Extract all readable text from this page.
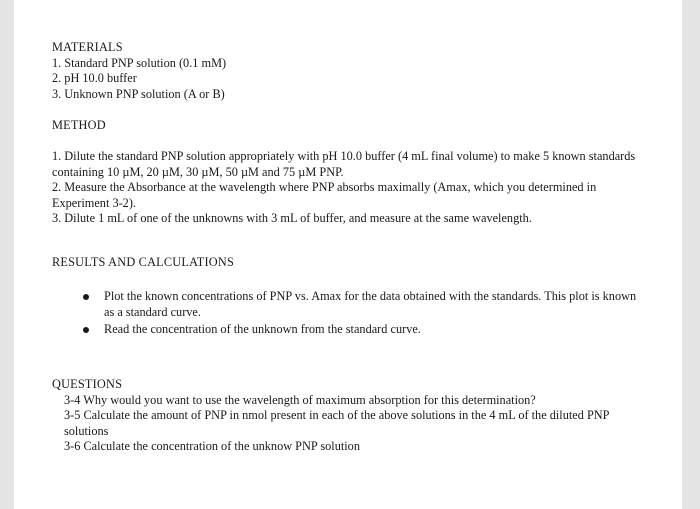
MATERIALS
1. Standard PNP solution (0.1 mM)
2. pH 10.0 buffer
3. Unknown PNP solution (A or B)
METHOD
1. Dilute the standard PNP solution appropriately with pH 10.0 buffer (4 mL final volume) to make 5 known standards containing 10 µM, 20 µM, 30 µM, 50 µM and 75 µM PNP.
2. Measure the Absorbance at the wavelength where PNP absorbs maximally (Amax, which you determined in Experiment 3-2).
3. Dilute 1 mL of one of the unknowns with 3 mL of buffer, and measure at the same wavelength.
RESULTS AND CALCULATIONS
Plot the known concentrations of PNP vs. Amax for the data obtained with the standards. This plot is known as a standard curve.
Read the concentration of the unknown from the standard curve.
QUESTIONS
3-4 Why would you want to use the wavelength of maximum absorption for this determination?
3-5 Calculate the amount of PNP in nmol present in each of the above solutions in the 4 mL of the diluted PNP solutions
3-6 Calculate the concentration of the unknow PNP solution
